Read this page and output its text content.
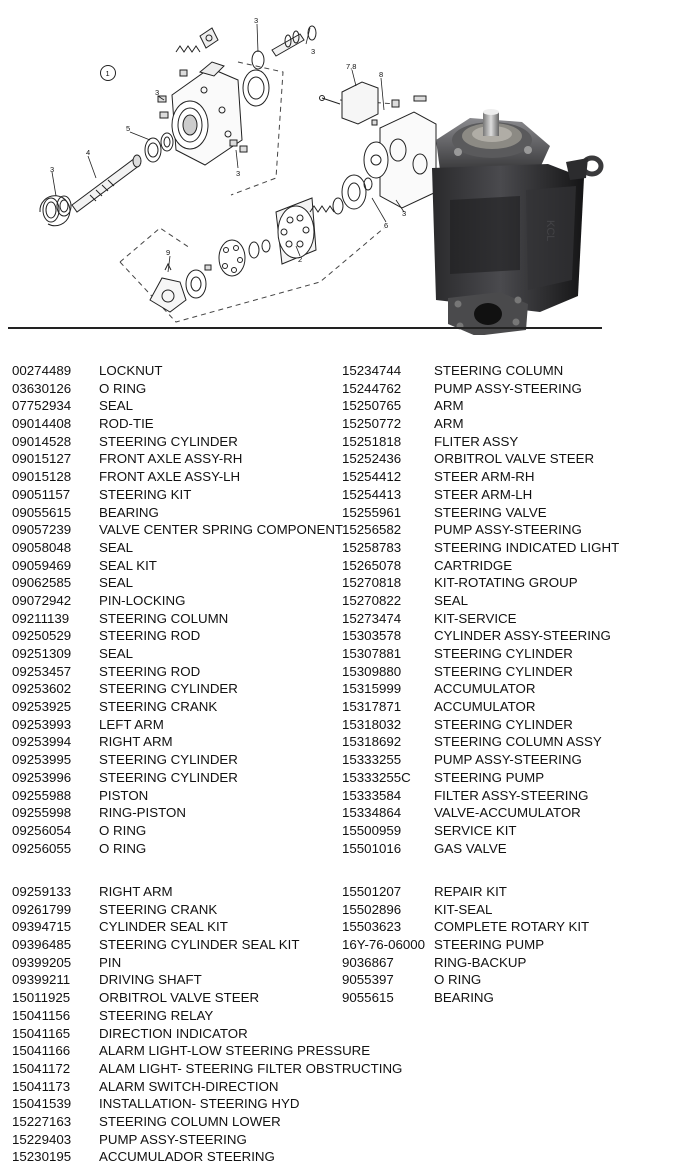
1
2
3
3
3
3	3
3
4
5
6
7,8
8
9
00274489 LOCKNUT
03630126 O RING
07752934 SEAL
09014408 ROD-TIE
09014528 STEERING CYLINDER
09015127 FRONT AXLE ASSY-RH
09015128 FRONT AXLE ASSY-LH
09051157 STEERING KIT
09055615 BEARING
09057239 VALVE CENTER SPRING COMPONENT
09058048 SEAL
09059469 SEAL KIT
09062585 SEAL
09072942 PIN-LOCKING
09211139 STEERING COLUMN
09250529 STEERING ROD
09251309 SEAL
09253457 STEERING ROD
09253602 STEERING CYLINDER
09253925 STEERING CRANK
09253993 LEFT ARM
09253994 RIGHT ARM
09253995 STEERING CYLINDER
09253996 STEERING CYLINDER
09255988 PISTON
09255998 RING-PISTON
09256054 O RING
09256055 O RING
15234744 STEERING COLUMN
15244762 PUMP ASSY-STEERING
15250765 ARM
15250772 ARM
15251818 FLITER ASSY
15252436 ORBITROL VALVE STEER
15254412 STEER ARM-RH
15254413 STEER ARM-LH
15255961 STEERING VALVE
15256582 PUMP ASSY-STEERING
15258783 STEERING INDICATED LIGHT
15265078 CARTRIDGE
15270818 KIT-ROTATING GROUP
15270822 SEAL
15273474 KIT-SERVICE
15303578 CYLINDER ASSY-STEERING
15307881 STEERING CYLINDER
15309880 STEERING CYLINDER
15315999 ACCUMULATOR
15317871 ACCUMULATOR
15318032 STEERING CYLINDER
15318692 STEERING COLUMN ASSY
15333255 PUMP ASSY-STEERING
15333255C STEERING PUMP
15333584 FILTER ASSY-STEERING
15334864 VALVE-ACCUMULATOR
15500959 SERVICE KIT
15501016 GAS VALVE
09259133 RIGHT ARM
09261799 STEERING CRANK
09394715 CYLINDER SEAL KIT
09396485 STEERING CYLINDER SEAL KIT
09399205 PIN
09399211 DRIVING SHAFT
15011925 ORBITROL VALVE STEER
15041156 STEERING RELAY
15041165 DIRECTION INDICATOR
15041166 ALARM LIGHT-LOW STEERING PRESSURE
15041172 ALAM LIGHT- STEERING FILTER OBSTRUCTING
15041173 ALARM SWITCH-DIRECTION
15041539 INSTALLATION- STEERING HYD
15227163 STEERING COLUMN LOWER
15229403 PUMP ASSY-STEERING
15230195 ACCUMULADOR STEERING
15501207 REPAIR KIT
15502896 KIT-SEAL
15503623 COMPLETE ROTARY KIT
16Y-76-06000 STEERING PUMP
9036867	RING-BACKUP
9055397	O RING
9055615	BEARING
